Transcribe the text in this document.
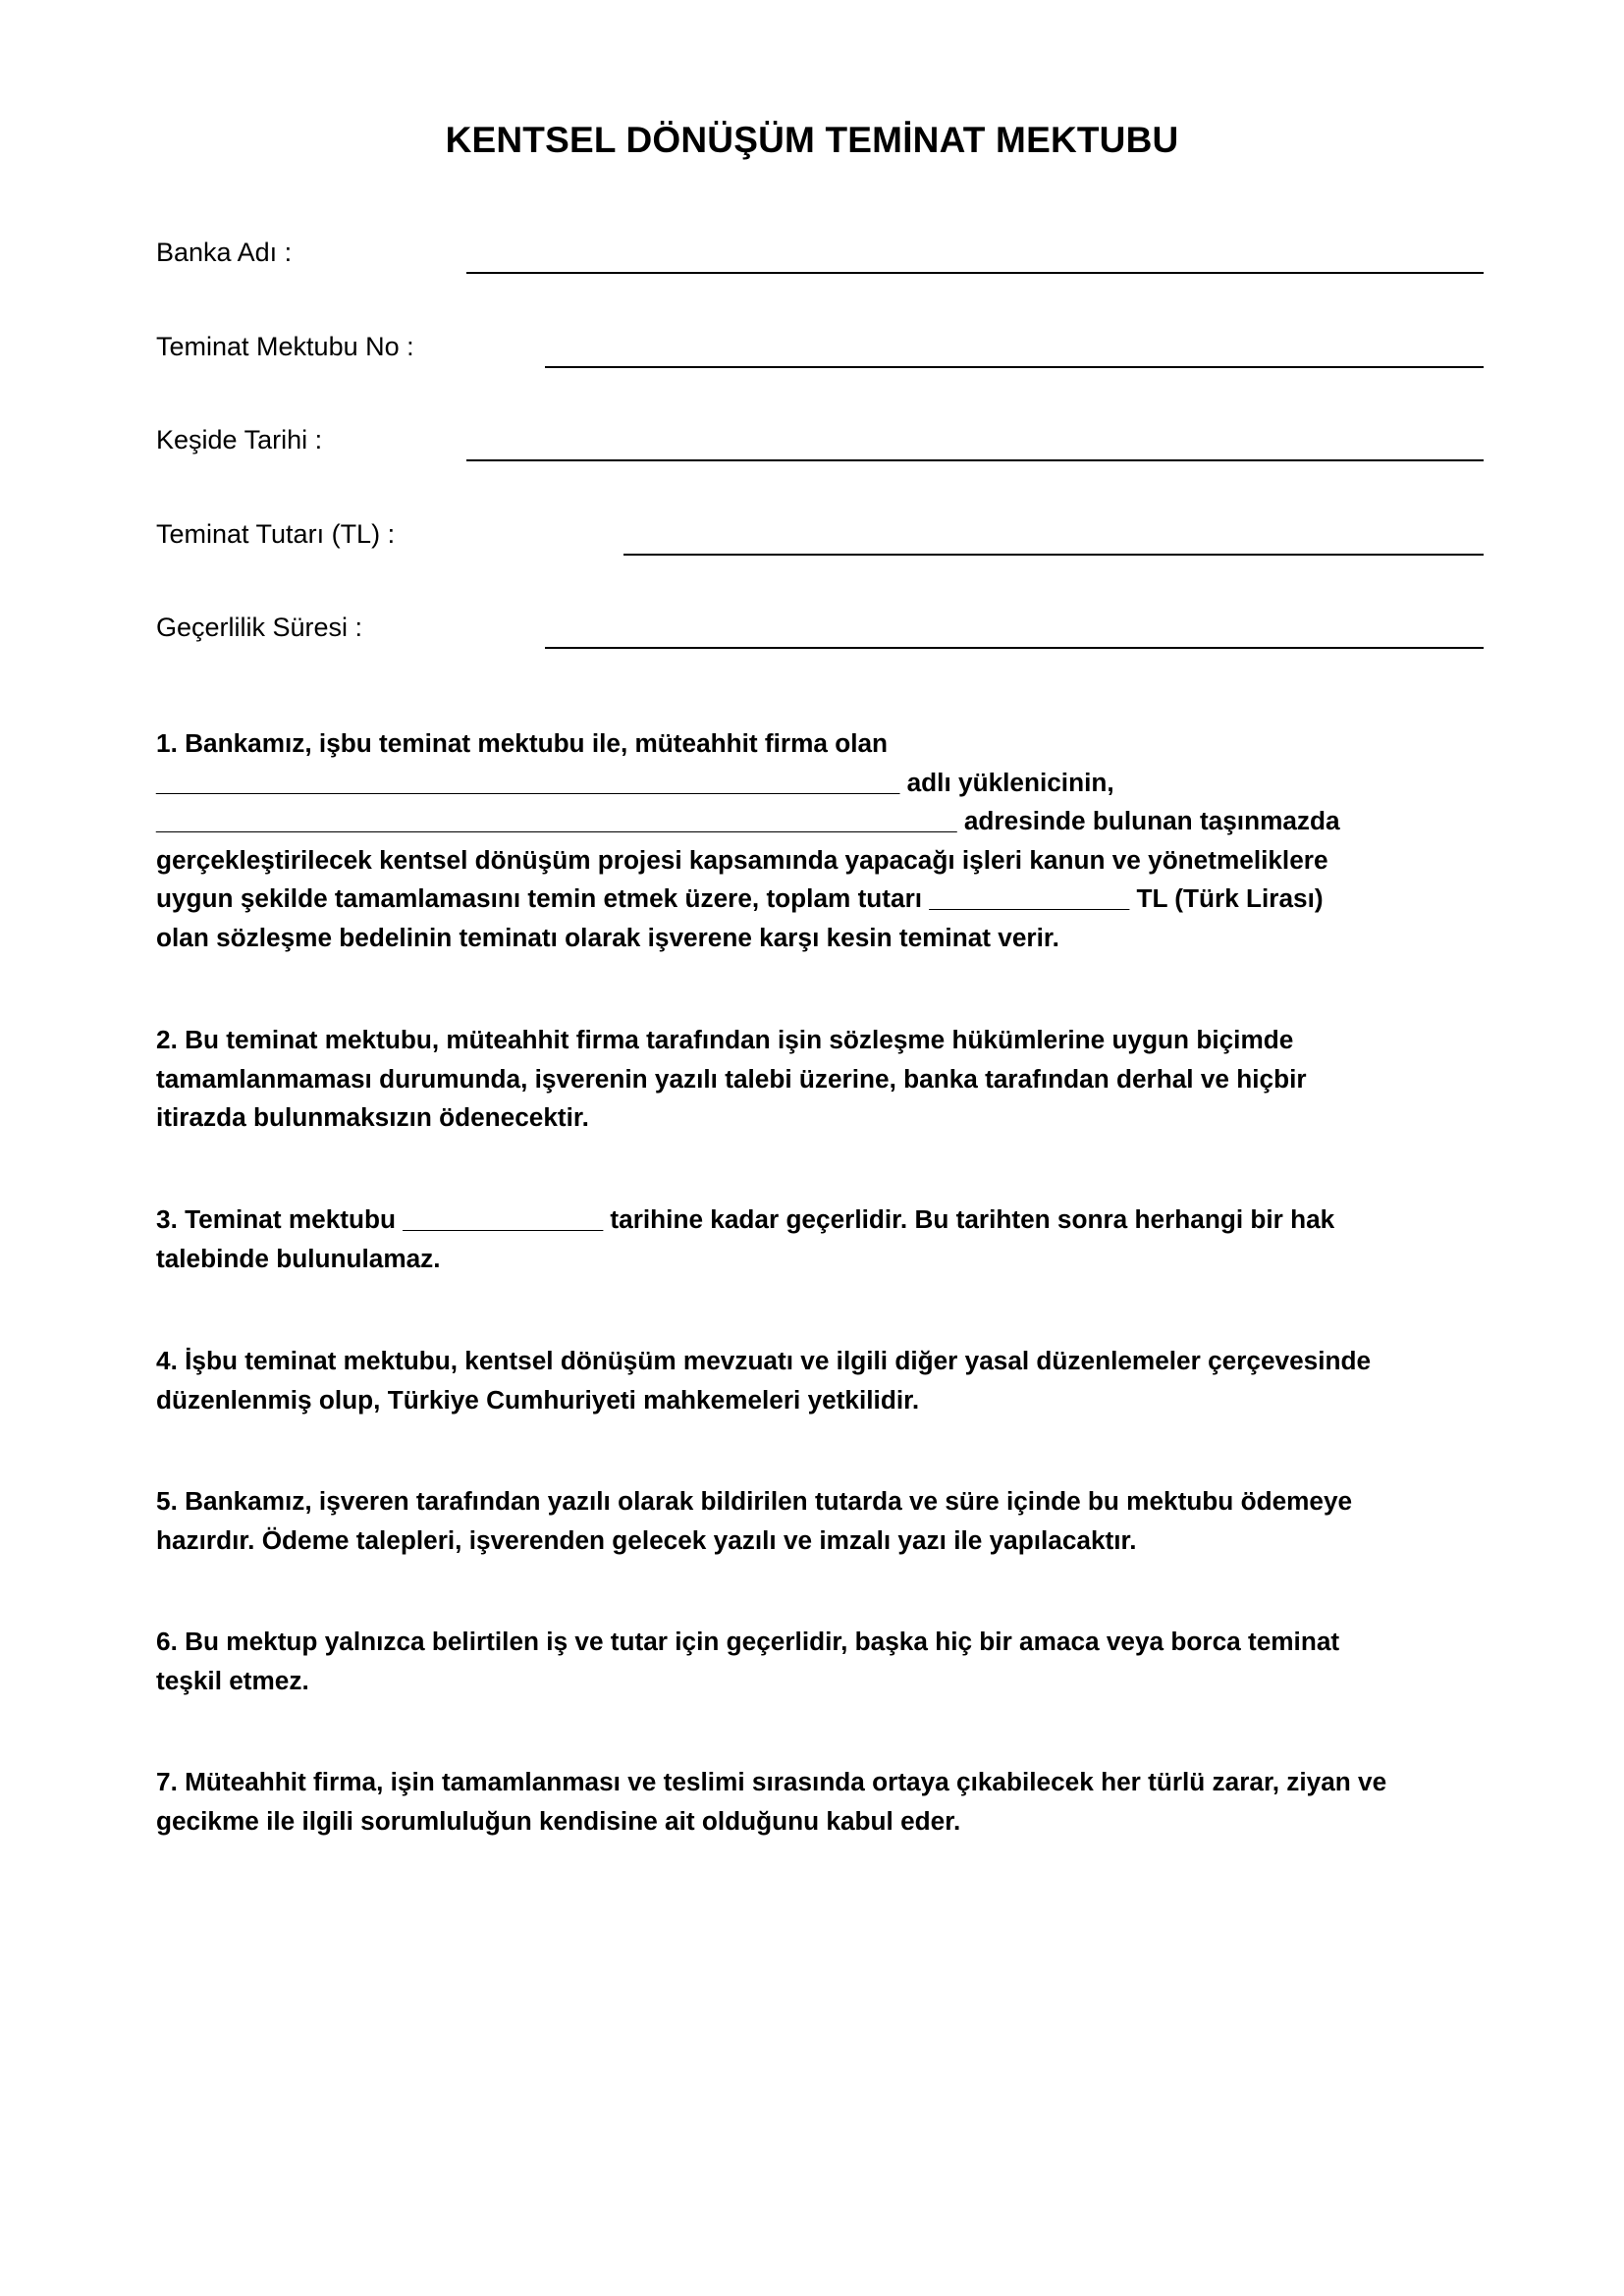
KENTSEL DÖNÜŞÜM TEMİNAT MEKTUBU
Banka Adı :
Teminat Mektubu No :
Keşide Tarihi :
Teminat Tutarı (TL) :
Geçerlilik Süresi :
1. Bankamız, işbu teminat mektubu ile, müteahhit firma olan
____________________________________________________ adlı yüklenicinin,
________________________________________________________ adresinde bulunan taşınmazda
gerçekleştirilecek kentsel dönüşüm projesi kapsamında yapacağı işleri kanun ve yönetmeliklere
uygun şekilde tamamlamasını temin etmek üzere, toplam tutarı ______________ TL (Türk Lirası)
olan sözleşme bedelinin teminatı olarak işverene karşı kesin teminat verir.
2. Bu teminat mektubu, müteahhit firma tarafından işin sözleşme hükümlerine uygun biçimde
tamamlanmaması durumunda, işverenin yazılı talebi üzerine, banka tarafından derhal ve hiçbir
itirazda bulunmaksızın ödenecektir.
3. Teminat mektubu ______________ tarihine kadar geçerlidir. Bu tarihten sonra herhangi bir hak
talebinde bulunulamaz.
4. İşbu teminat mektubu, kentsel dönüşüm mevzuatı ve ilgili diğer yasal düzenlemeler çerçevesinde
düzenlenmiş olup, Türkiye Cumhuriyeti mahkemeleri yetkilidir.
5. Bankamız, işveren tarafından yazılı olarak bildirilen tutarda ve süre içinde bu mektubu ödemeye
hazırdır. Ödeme talepleri, işverenden gelecek yazılı ve imzalı yazı ile yapılacaktır.
6. Bu mektup yalnızca belirtilen iş ve tutar için geçerlidir, başka hiç bir amaca veya borca teminat
teşkil etmez.
7. Müteahhit firma, işin tamamlanması ve teslimi sırasında ortaya çıkabilecek her türlü zarar, ziyan ve
gecikme ile ilgili sorumluluğun kendisine ait olduğunu kabul eder.
